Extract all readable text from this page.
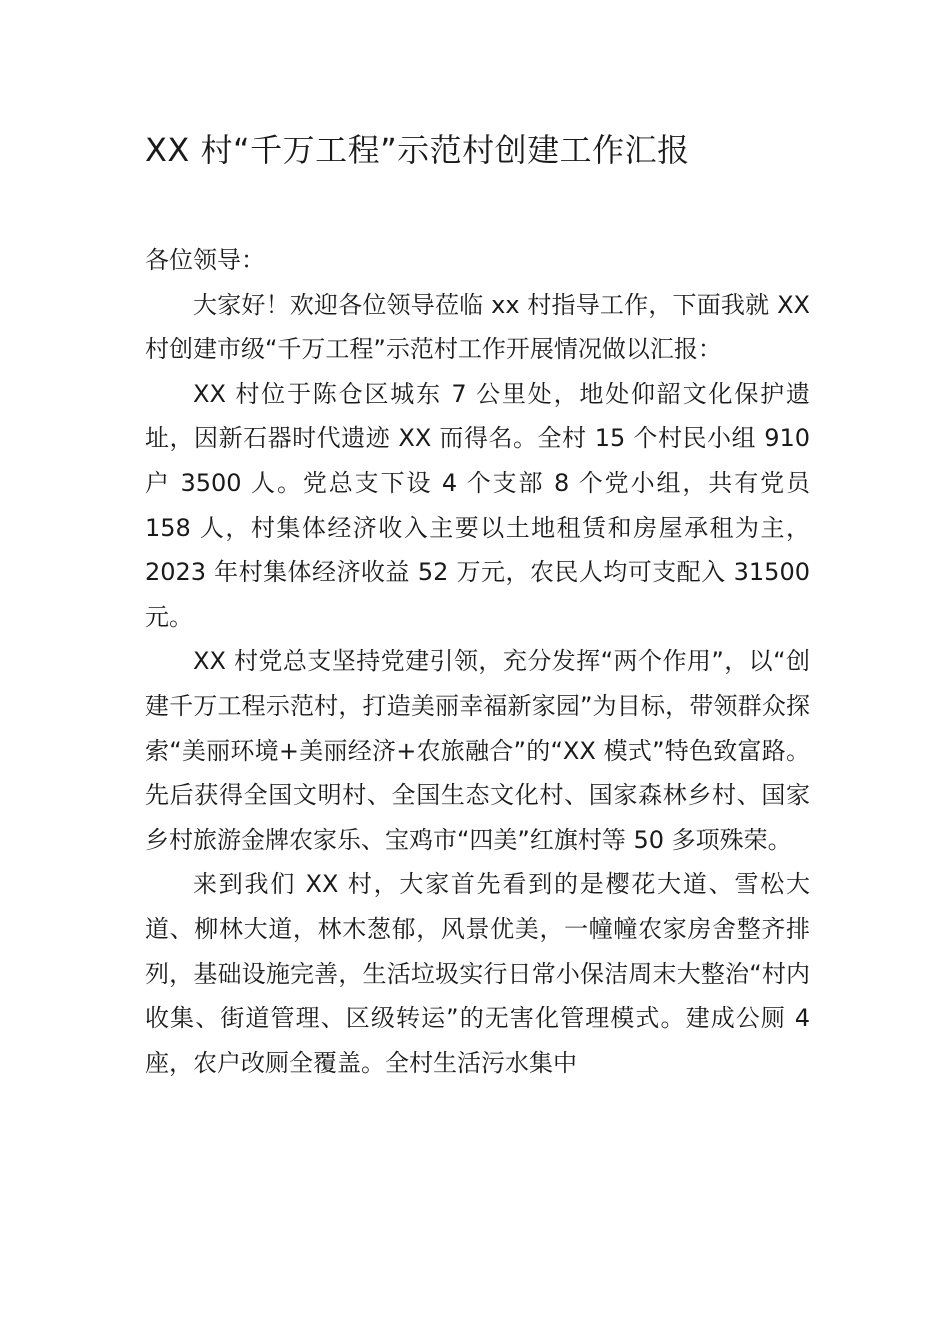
XX 村“千万工程”示范村创建工作汇报

各位领导：

大家好！欢迎各位领导莅临 xx 村指导工作，下面我就 XX 村创建市级“千万工程”示范村工作开展情况做以汇报：

XX 村位于陈仓区城东 7 公里处，地处仰韶文化保护遗址，因新石器时代遗迹 XX 而得名。全村 15 个村民小组 910 户 3500 人。党总支下设 4 个支部 8 个党小组，共有党员 158 人，村集体经济收入主要以土地租赁和房屋承租为主，2023 年村集体经济收益 52 万元，农民人均可支配入 31500 元。

XX 村党总支坚持党建引领，充分发挥“两个作用”，以“创建千万工程示范村，打造美丽幸福新家园”为目标，带领群众探索“美丽环境+美丽经济+农旅融合”的“XX 模式”特色致富路。先后获得全国文明村、全国生态文化村、国家森林乡村、国家乡村旅游金牌农家乐、宝鸡市“四美”红旗村等 50 多项殊荣。

来到我们 XX 村，大家首先看到的是樱花大道、雪松大道、柳林大道，林木葱郁，风景优美，一幢幢农家房舍整齐排列，基础设施完善，生活垃圾实行日常小保洁周末大整治“村内收集、街道管理、区级转运”的无害化管理模式。建成公厕 4 座，农户改厕全覆盖。全村生活污水集中
